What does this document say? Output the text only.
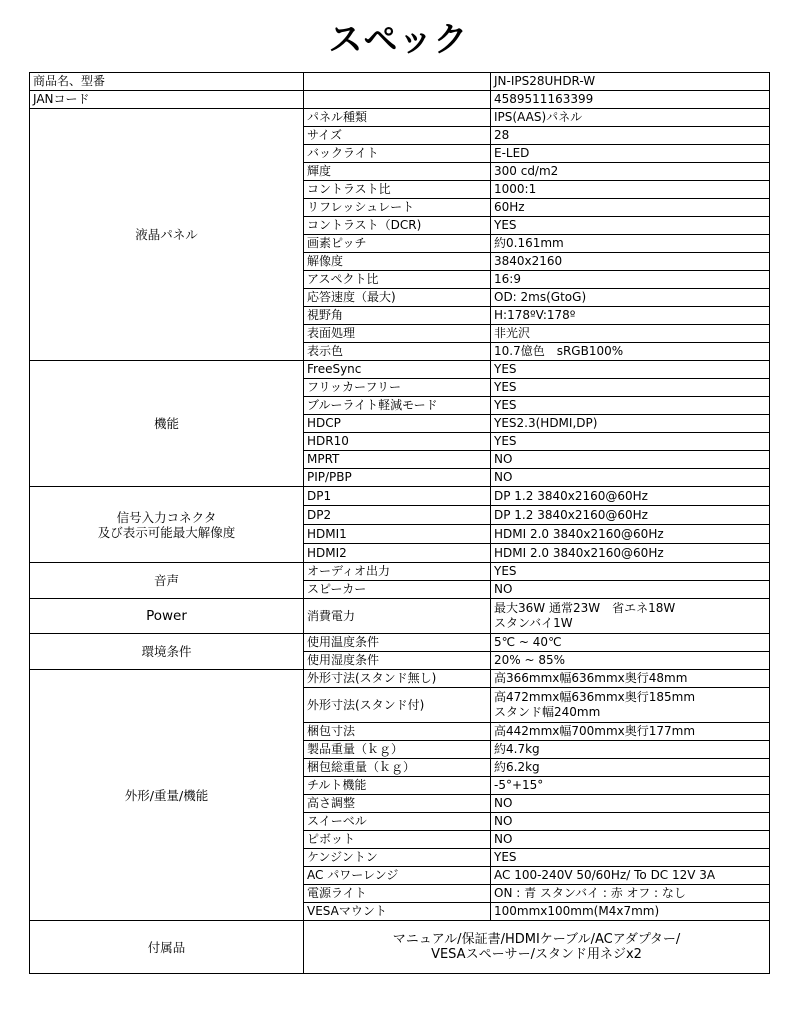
スペック
商品名、型番		JN-IPS28UHDR-W
JANコード		4589511163399
液晶パネル	パネル種類	IPS(AAS)パネル
	サイズ	28
	バックライト	E-LED
	輝度	300 cd/m2
	コントラスト比	1000:1
	リフレッシュレート	60Hz
	コントラスト（DCR)	YES
	画素ピッチ	約0.161mm
	解像度	3840x2160
	アスペクト比	16:9
	応答速度（最大)	OD: 2ms(GtoG)
	視野角	H:178ºV:178º
	表面処理	非光沢
	表示色	10.7億色　sRGB100%
機能	FreeSync	YES
	フリッカーフリー	YES
	ブルーライト軽減モード	YES
	HDCP	YES2.3(HDMI,DP)
	HDR10	YES
	MPRT	NO
	PIP/PBP	NO

信号入力コネクタ
及び表示可能最大解像度	DP1	DP 1.2 3840x2160@60Hz
	DP2	DP 1.2 3840x2160@60Hz
	HDMI1	HDMI 2.0 3840x2160@60Hz
	HDMI2	HDMI 2.0 3840x2160@60Hz
音声	オーディオ出力	YES
	スピーカー	NO
Power	消費電力	最大36W 通常23W　省エネ18W
スタンバイ1W

環境条件	使用温度条件	5℃ ~ 40℃
	使用湿度条件	20% ~ 85%
外形/重量/機能	外形寸法(スタンド無し)	高366mmx幅636mmx奥行48mm
	外形寸法(スタンド付)	高472mmx幅636mmx奥行185mm
スタンド幅240mm

	梱包寸法	高442mmx幅700mmx奥行177mm
	製品重量（ｋｇ）	約4.7kg
	梱包総重量（ｋｇ）	約6.2kg
	チルト機能	-5°+15°
	高さ調整	NO
	スイーベル	NO
	ピボット	NO
	ケンジントン	YES
	AC パワーレンジ	AC 100-240V 50/60Hz/ To DC 12V 3A
	電源ライト	ON : 青 スタンバイ : 赤 オフ : なし
	VESAマウント	100mmx100mm(M4x7mm)
付属品	マニュアル/保証書/HDMIケーブル/ACアダプター/
VESAスペーサー/スタンド用ネジx2	
